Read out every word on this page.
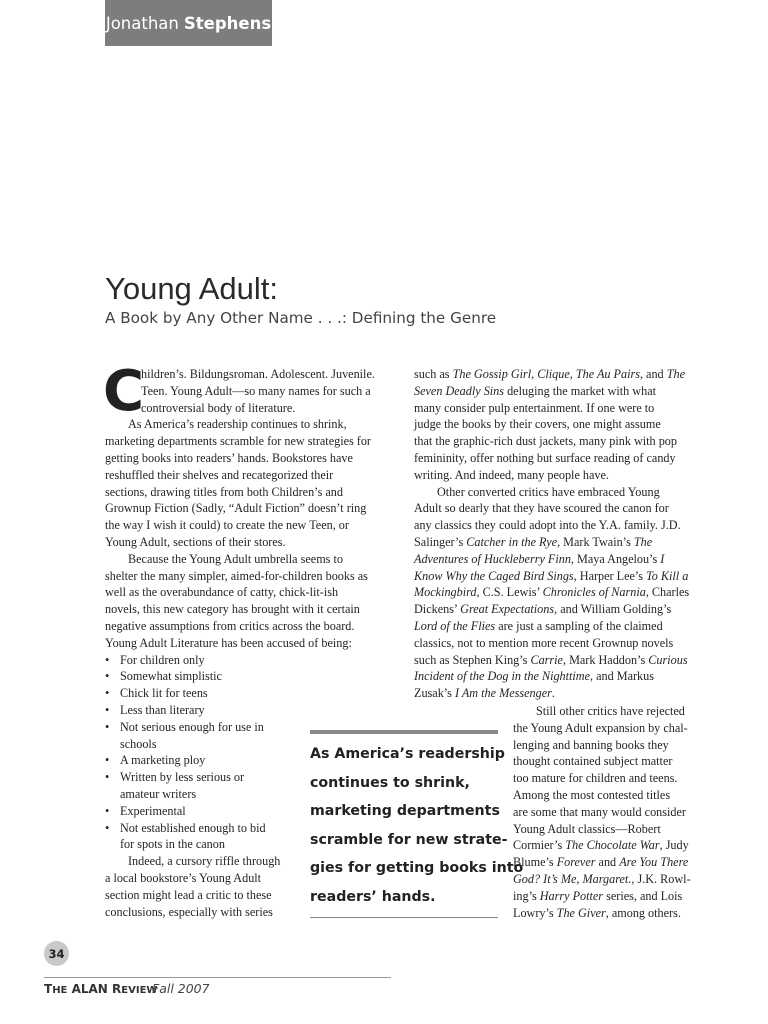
Jonathan Stephens
Young Adult:
A Book by Any Other Name . . .: Defining the Genre
C
hildren’s. Bildungsroman. Adolescent. Juvenile.
Teen. Young Adult—so many names for such a
controversial body of literature.
As America’s readership continues to shrink,
marketing departments scramble for new strategies for
getting books into readers’ hands. Bookstores have
reshuffled their shelves and recategorized their
sections, drawing titles from both Children’s and
Grownup Fiction (Sadly, “Adult Fiction” doesn’t ring
the way I wish it could) to create the new Teen, or
Young Adult, sections of their stores.
Because the Young Adult umbrella seems to
shelter the many simpler, aimed-for-children books as
well as the overabundance of catty, chick-lit-ish
novels, this new category has brought with it certain
negative assumptions from critics across the board.
Young Adult Literature has been accused of being:
• For children only
• Somewhat simplistic
• Chick lit for teens
• Less than literary
• Not serious enough for use in
schools
• A marketing ploy
• Written by less serious or
amateur writers
• Experimental
• Not established enough to bid
for spots in the canon
Indeed, a cursory riffle through
a local bookstore’s Young Adult
section might lead a critic to these
conclusions, especially with series
such as The Gossip Girl, Clique, The Au Pairs, and The
Seven Deadly Sins deluging the market with what
many consider pulp entertainment. If one were to
judge the books by their covers, one might assume
that the graphic-rich dust jackets, many pink with pop
femininity, offer nothing but surface reading of candy
writing. And indeed, many people have.
Other converted critics have embraced Young
Adult so dearly that they have scoured the canon for
any classics they could adopt into the Y.A. family. J.D.
Salinger’s Catcher in the Rye, Mark Twain’s The
Adventures of Huckleberry Finn, Maya Angelou’s I
Know Why the Caged Bird Sings, Harper Lee’s To Kill a
Mockingbird, C.S. Lewis’ Chronicles of Narnia, Charles
Dickens’ Great Expectations, and William Golding’s
Lord of the Flies are just a sampling of the claimed
classics, not to mention more recent Grownup novels
such as Stephen King’s Carrie, Mark Haddon’s Curious
Incident of the Dog in the Nighttime, and Markus
Zusak’s I Am the Messenger.
Still other critics have rejected
the Young Adult expansion by chal-
lenging and banning books they
thought contained subject matter
too mature for children and teens.
Among the most contested titles
are some that many would consider
Young Adult classics—Robert
Cormier’s The Chocolate War, Judy
Blume’s Forever and Are You There
God? It’s Me, Margaret., J.K. Rowl-
ing’s Harry Potter series, and Lois
Lowry’s The Giver, among others.
As America’s readership
continues to shrink,
marketing departments
scramble for new strate-
gies for getting books into
readers’ hands.
34
THE ALAN REVIEW
Fall 2007
